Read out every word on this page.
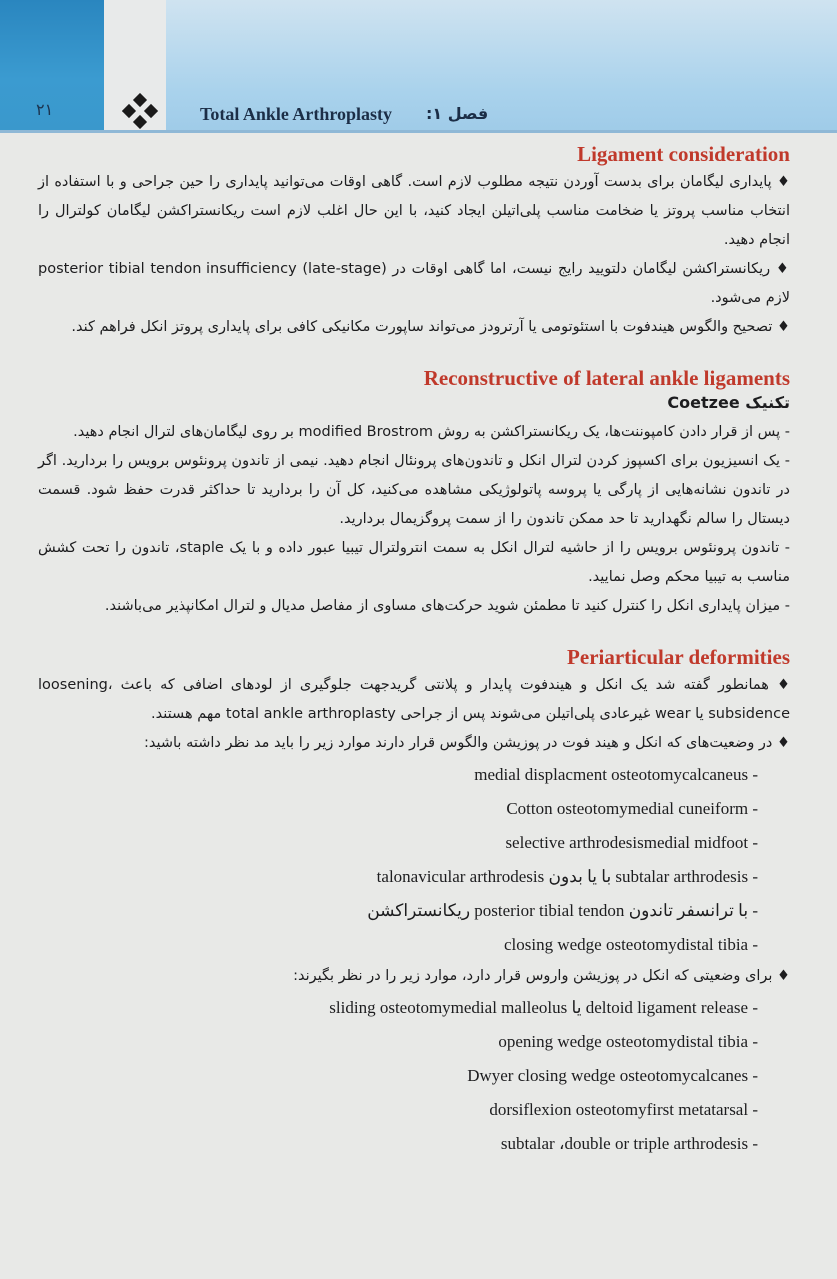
۲۱	Total Ankle Arthroplasty فصل ۱:
Ligament consideration

♦ پایداری لیگامان برای بدست آوردن نتیجه مطلوب لازم است. گاهی اوقات می‌توانید پایداری را حین جراحی و با استفاده از انتخاب مناسب پروتز یا ضخامت مناسب پلی‌اتیلن ایجاد کنید، با این حال اغلب لازم است ریکانستراکشن لیگامان کولترال را انجام دهید.

♦ ریکانستراکشن لیگامان دلتویید رایج نیست، اما گاهی اوقات در (late-stage) posterior tibial tendon insufficiency لازم می‌شود.

♦ تصحیح والگوس هیندفوت با استئوتومی یا آرترودز می‌تواند ساپورت مکانیکی کافی برای پایداری پروتز انکل فراهم کند.

Reconstructive of lateral ankle ligaments
تکنیک Coetzee

- پس از قرار دادن کامپوننت‌ها، یک ریکانستراکشن به روش modified Brostrom بر روی لیگامان‌های لترال انجام دهید.

- یک انسیزیون برای اکسپوز کردن لترال انکل و تاندون‌های پرونئال انجام دهید. نیمی از تاندون پرونئوس برویس را بردارید. اگر در تاندون نشانه‌هایی از پارگی یا پروسه پاتولوژیکی مشاهده می‌کنید، کل آن را بردارید تا حداکثر قدرت حفظ شود. قسمت دیستال را سالم نگهدارید تا حد ممکن تاندون را از سمت پروگزیمال بردارید.

- تاندون پرونئوس برویس را از حاشیه لترال انکل به سمت انترولترال تیبیا عبور داده و با یک staple، تاندون را تحت کشش مناسب به تیبیا محکم وصل نمایید.

- میزان پایداری انکل را کنترل کنید تا مطمئن شوید حرکت‌های مساوی از مفاصل مدیال و لترال امکانپذیر می‌باشند.

Periarticular deformities

♦ همانطور گفته شد یک انکل و هیندفوت پایدار و پلانتی گریدجهت جلوگیری از لودهای اضافی که باعث loosening، subsidence یا wear غیرعادی پلی‌اتیلن می‌شوند پس از جراحی total ankle arthroplasty مهم هستند.

♦ در وضعیت‌های که انکل و هیند فوت در پوزیشن والگوس قرار دارند موارد زیر را باید مد نظر داشته باشید:

medial displacment osteotomycalcaneus -

Cotton osteotomymedial cuneiform -

selective arthrodesismedial midfoot -

talonavicular arthrodesis با یا بدون subtalar arthrodesis -

ریکانستراکشن posterior tibial tendon با ترانسفر تاندون -

closing wedge osteotomydistal tibia -

♦ برای وضعیتی که انکل در پوزیشن واروس قرار دارد، موارد زیر را در نظر بگیرند:

sliding osteotomymedial malleolus یا deltoid ligament release -

opening wedge osteotomydistal tibia -

Dwyer closing wedge osteotomycalcanes -

dorsiflexion osteotomyfirst metatarsal -

subtalar ،double or triple arthrodesis -
